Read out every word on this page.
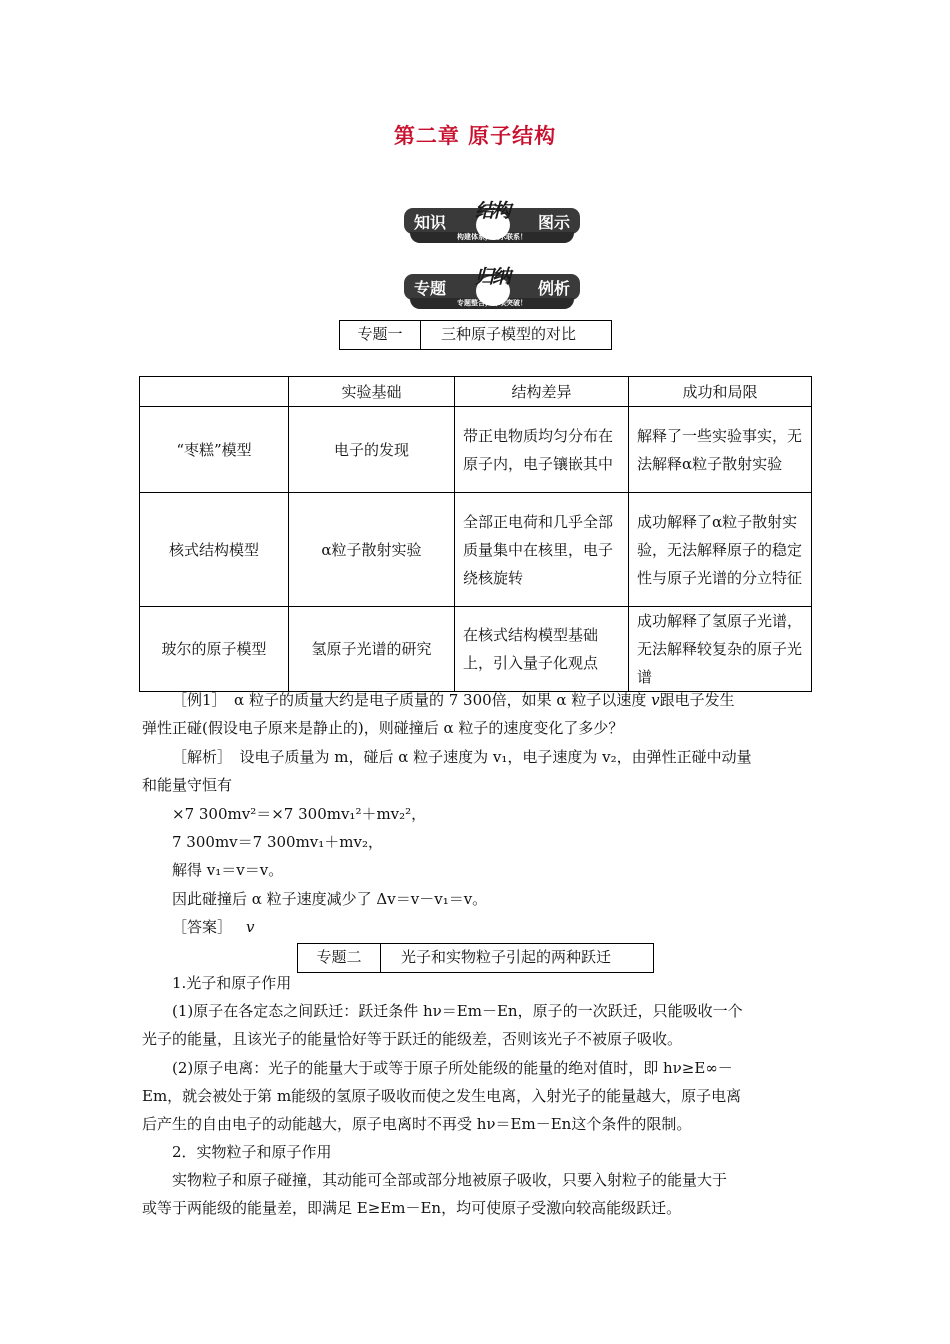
第二章 原子结构
知识
结构
图示
构建体系，展示联系！
专题
归纳
例析
专题整合，专项突破！
专题一	三种原子模型的对比
	实验基础	结构差异	成功和局限
“枣糕”模型	电子的发现	带正电物质均匀分布在原子内，电子镶嵌其中	解释了一些实验事实，无法解释α粒子散射实验
核式结构模型	α粒子散射实验	全部正电荷和几乎全部质量集中在核里，电子绕核旋转	成功解释了α粒子散射实验，无法解释原子的稳定性与原子光谱的分立特征
玻尔的原子模型	氢原子光谱的研究	在核式结构模型基础上，引入量子化观点	成功解释了氢原子光谱，无法解释较复杂的原子光谱
［例1］　α 粒子的质量大约是电子质量的 7 300倍，如果 α 粒子以速度 v跟电子发生
弹性正碰(假设电子原来是静止的)，则碰撞后 α 粒子的速度变化了多少？
［解析］　设电子质量为 m，碰后 α 粒子速度为 v₁，电子速度为 v₂，由弹性正碰中动量
和能量守恒有
×7 300mv²＝×7 300mv₁²＋mv₂²，
7 300mv＝7 300mv₁＋mv₂，
解得 v₁＝v＝v。
因此碰撞后 α 粒子速度减少了 Δv＝v－v₁＝v。
［答案］ v
专题二	光子和实物粒子引起的两种跃迁
1.光子和原子作用
(1)原子在各定态之间跃迁：跃迁条件 hν＝Em－En，原子的一次跃迁，只能吸收一个
光子的能量，且该光子的能量恰好等于跃迁的能级差，否则该光子不被原子吸收。
(2)原子电离：光子的能量大于或等于原子所处能级的能量的绝对值时，即 hν≥E∞－
Em，就会被处于第 m能级的氢原子吸收而使之发生电离，入射光子的能量越大，原子电离
后产生的自由电子的动能越大，原子电离时不再受 hν＝Em－En这个条件的限制。
2．实物粒子和原子作用
实物粒子和原子碰撞，其动能可全部或部分地被原子吸收，只要入射粒子的能量大于
或等于两能级的能量差，即满足 E≥Em－En，均可使原子受激向较高能级跃迁。
